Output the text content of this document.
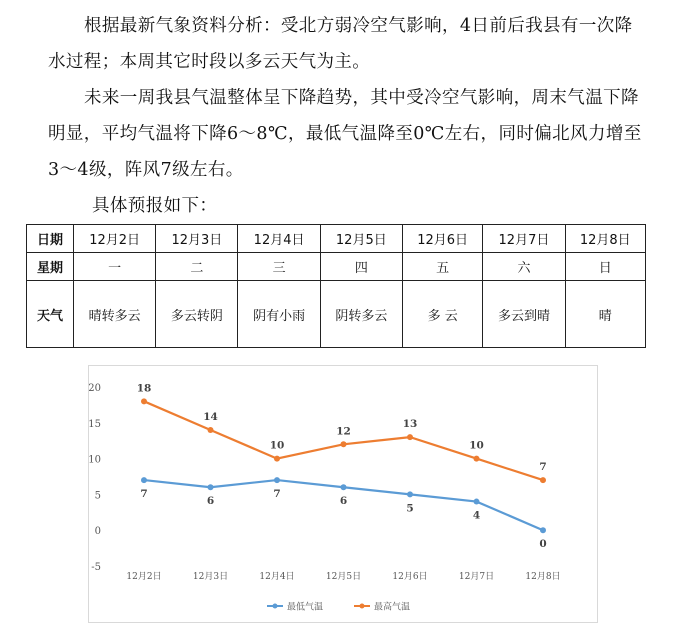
根据最新气象资料分析：受北方弱冷空气影响，4日前后我县有一次降水过程；本周其它时段以多云天气为主。
未来一周我县气温整体呈下降趋势，其中受冷空气影响，周末气温下降明显，平均气温将下降6～8℃，最低气温降至0℃左右，同时偏北风力增至3～4级，阵风7级左右。
具体预报如下：
日期	12月2日	12月3日	12月4日	12月5日	12月6日	12月7日	12月8日
星期	一	二	三	四	五	六	日
天气	晴转多云	多云转阴	阴有小雨	阴转多云	多 云	多云到晴	晴
20
15
10
5
0
-5
12月2日	12月3日	12月4日	12月5日	12月6日	12月7日	12月8日
7
6
7
6
5
4
0
18
14
10
12
13
10
7
最低气温	最高气温
